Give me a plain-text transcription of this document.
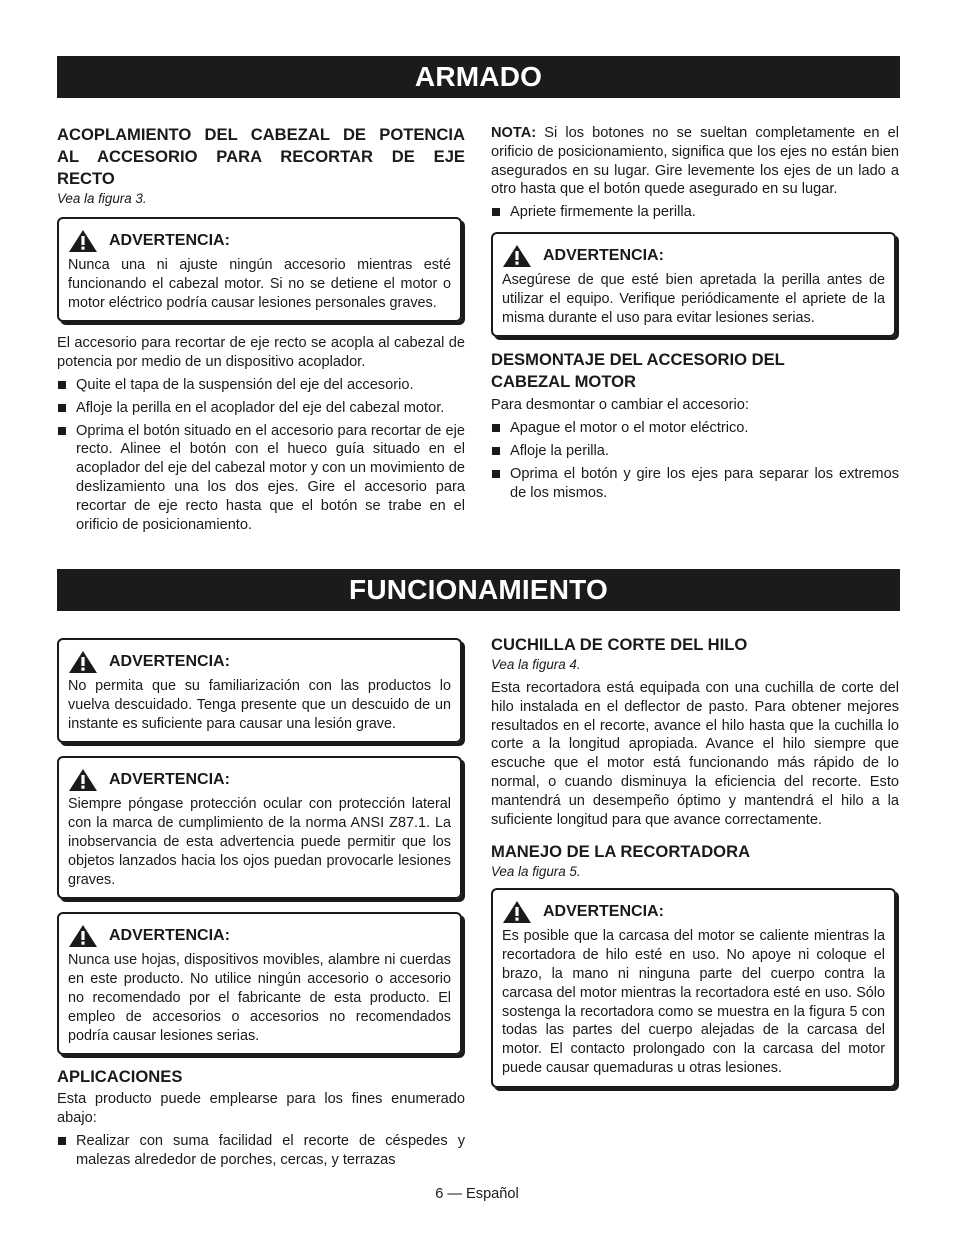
ARMADO
ACOPLAMIENTO DEL CABEZAL DE POTENCIA
AL ACCESORIO PARA RECORTAR DE EJE
RECTO
Vea la figura 3.
ADVERTENCIA:

Nunca una ni ajuste ningún accesorio mientras esté funcionando el cabezal motor. Si no se detiene el motor o motor eléctrico podría causar lesiones personales graves.

El accesorio para recortar de eje recto se acopla al cabezal de potencia por medio de un dispositivo acoplador.

Quite el tapa de la suspensión del eje del accesorio.
Afloje la perilla en el acoplador del eje del cabezal motor.
Oprima el botón situado en el accesorio para recortar de eje recto. Alinee el botón con el hueco guía situado en el acoplador del eje del cabezal motor y con un movimiento de deslizamiento una los dos ejes. Gire el accesorio para recortar de eje recto hasta que el botón se trabe en el orificio de posicionamiento.

NOTA: Si los botones no se sueltan completamente en el orificio de posicionamiento, significa que los ejes no están bien asegurados en su lugar. Gire levemente los ejes de un lado a otro hasta que el botón quede asegurado en su lugar.

Apriete firmemente la perilla.
ADVERTENCIA:

Asegúrese de que esté bien apretada la perilla antes de utilizar el equipo. Verifique periódicamente el apriete de la misma durante el uso para evitar lesiones serias.

DESMONTAJE DEL ACCESORIO DEL
CABEZAL MOTOR

Para desmontar o cambiar el accesorio:

Apague el motor o el motor eléctrico.
Afloje la perilla.
Oprima el botón y gire los ejes para separar los extremos de los mismos.
FUNCIONAMIENTO
ADVERTENCIA:

No permita que su familiarización con las productos lo vuelva descuidado. Tenga presente que un descuido de un instante es suficiente para causar una lesión grave.

ADVERTENCIA:

Siempre póngase protección ocular con protección lateral con la marca de cumplimiento de la norma ANSI Z87.1. La inobservancia de esta advertencia puede permitir que los objetos lanzados hacia los ojos puedan provocarle lesiones graves.

ADVERTENCIA:

Nunca use hojas, dispositivos movibles, alambre ni cuerdas en este producto. No utilice ningún accesorio o accesorio no recomendado por el fabricante de esta producto. El empleo de accesorios o accesorios no recomendados podría causar lesiones serias.

APLICACIONES

Esta producto puede emplearse para los fines enumerado abajo:

Realizar con suma facilidad el recorte de céspedes y malezas alrededor de porches, cercas, y terrazas
CUCHILLA DE CORTE DEL HILO
Vea la figura 4.

Esta recortadora está equipada con una cuchilla de corte del hilo instalada en el deflector de pasto. Para obtener mejores resultados en el recorte, avance el hilo hasta que la cuchilla lo corte a la longitud apropiada. Avance el hilo siempre que escuche que el motor está funcionando más rápido de lo normal, o cuando disminuya la eficiencia del recorte. Esto mantendrá un desempeño óptimo y mantendrá el hilo a la suficiente longitud para que avance correctamente.

MANEJO DE LA RECORTADORA
Vea la figura 5.
ADVERTENCIA:

Es posible que la carcasa del motor se caliente mientras la recortadora de hilo esté en uso. No apoye ni coloque el brazo, la mano ni ninguna parte del cuerpo contra la carcasa del motor mientras la recortadora esté en uso. Sólo sostenga la recortadora como se muestra en la figura 5 con todas las partes del cuerpo alejadas de la carcasa del motor. El contacto prolongado con la carcasa del motor puede causar quemaduras u otras lesiones.

6 — Español
